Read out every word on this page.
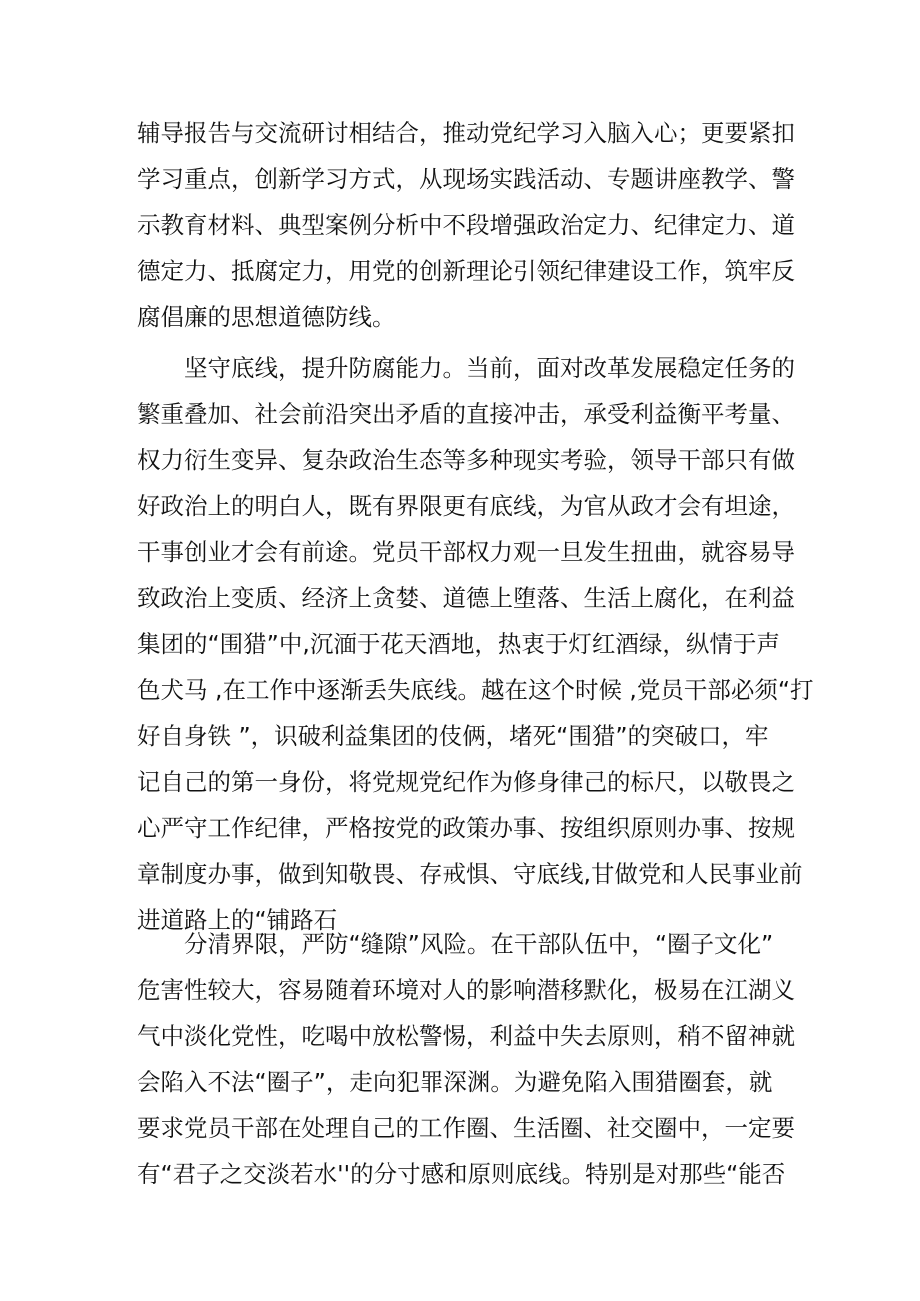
辅导报告与交流研讨相结合，推动党纪学习入脑入心；更要紧扣
学习重点，创新学习方式，从现场实践活动、专题讲座教学、警
示教育材料、典型案例分析中不段增强政治定力、纪律定力、道
德定力、抵腐定力，用党的创新理论引领纪律建设工作，筑牢反
腐倡廉的思想道德防线。
坚守底线，提升防腐能力。当前，面对改革发展稳定任务的
繁重叠加、社会前沿突出矛盾的直接冲击，承受利益衡平考量、
权力衍生变异、复杂政治生态等多种现实考验，领导干部只有做
好政治上的明白人，既有界限更有底线，为官从政才会有坦途，
干事创业才会有前途。党员干部权力观一旦发生扭曲，就容易导
致政治上变质、经济上贪婪、道德上堕落、生活上腐化，在利益
集团的“围猎”中,沉湎于花天酒地，热衷于灯红酒绿，纵情于声
色犬马 ,在工作中逐渐丢失底线。越在这个时候 ,党员干部必须“打
好自身铁 ”，识破利益集团的伎俩，堵死“围猎”的突破口，牢
记自己的第一身份，将党规党纪作为修身律己的标尺，以敬畏之
心严守工作纪律，严格按党的政策办事、按组织原则办事、按规
章制度办事，做到知敬畏、存戒惧、守底线,甘做党和人民事业前
进道路上的“铺路石
分清界限，严防“缝隙”风险。在干部队伍中，“圈子文化”
危害性较大，容易随着环境对人的影响潜移默化，极易在江湖义
气中淡化党性，吃喝中放松警惕，利益中失去原则，稍不留神就
会陷入不法“圈子”，走向犯罪深渊。为避免陷入围猎圈套，就
要求党员干部在处理自己的工作圈、生活圈、社交圈中，一定要
有“君子之交淡若水''的分寸感和原则底线。特别是对那些“能否
